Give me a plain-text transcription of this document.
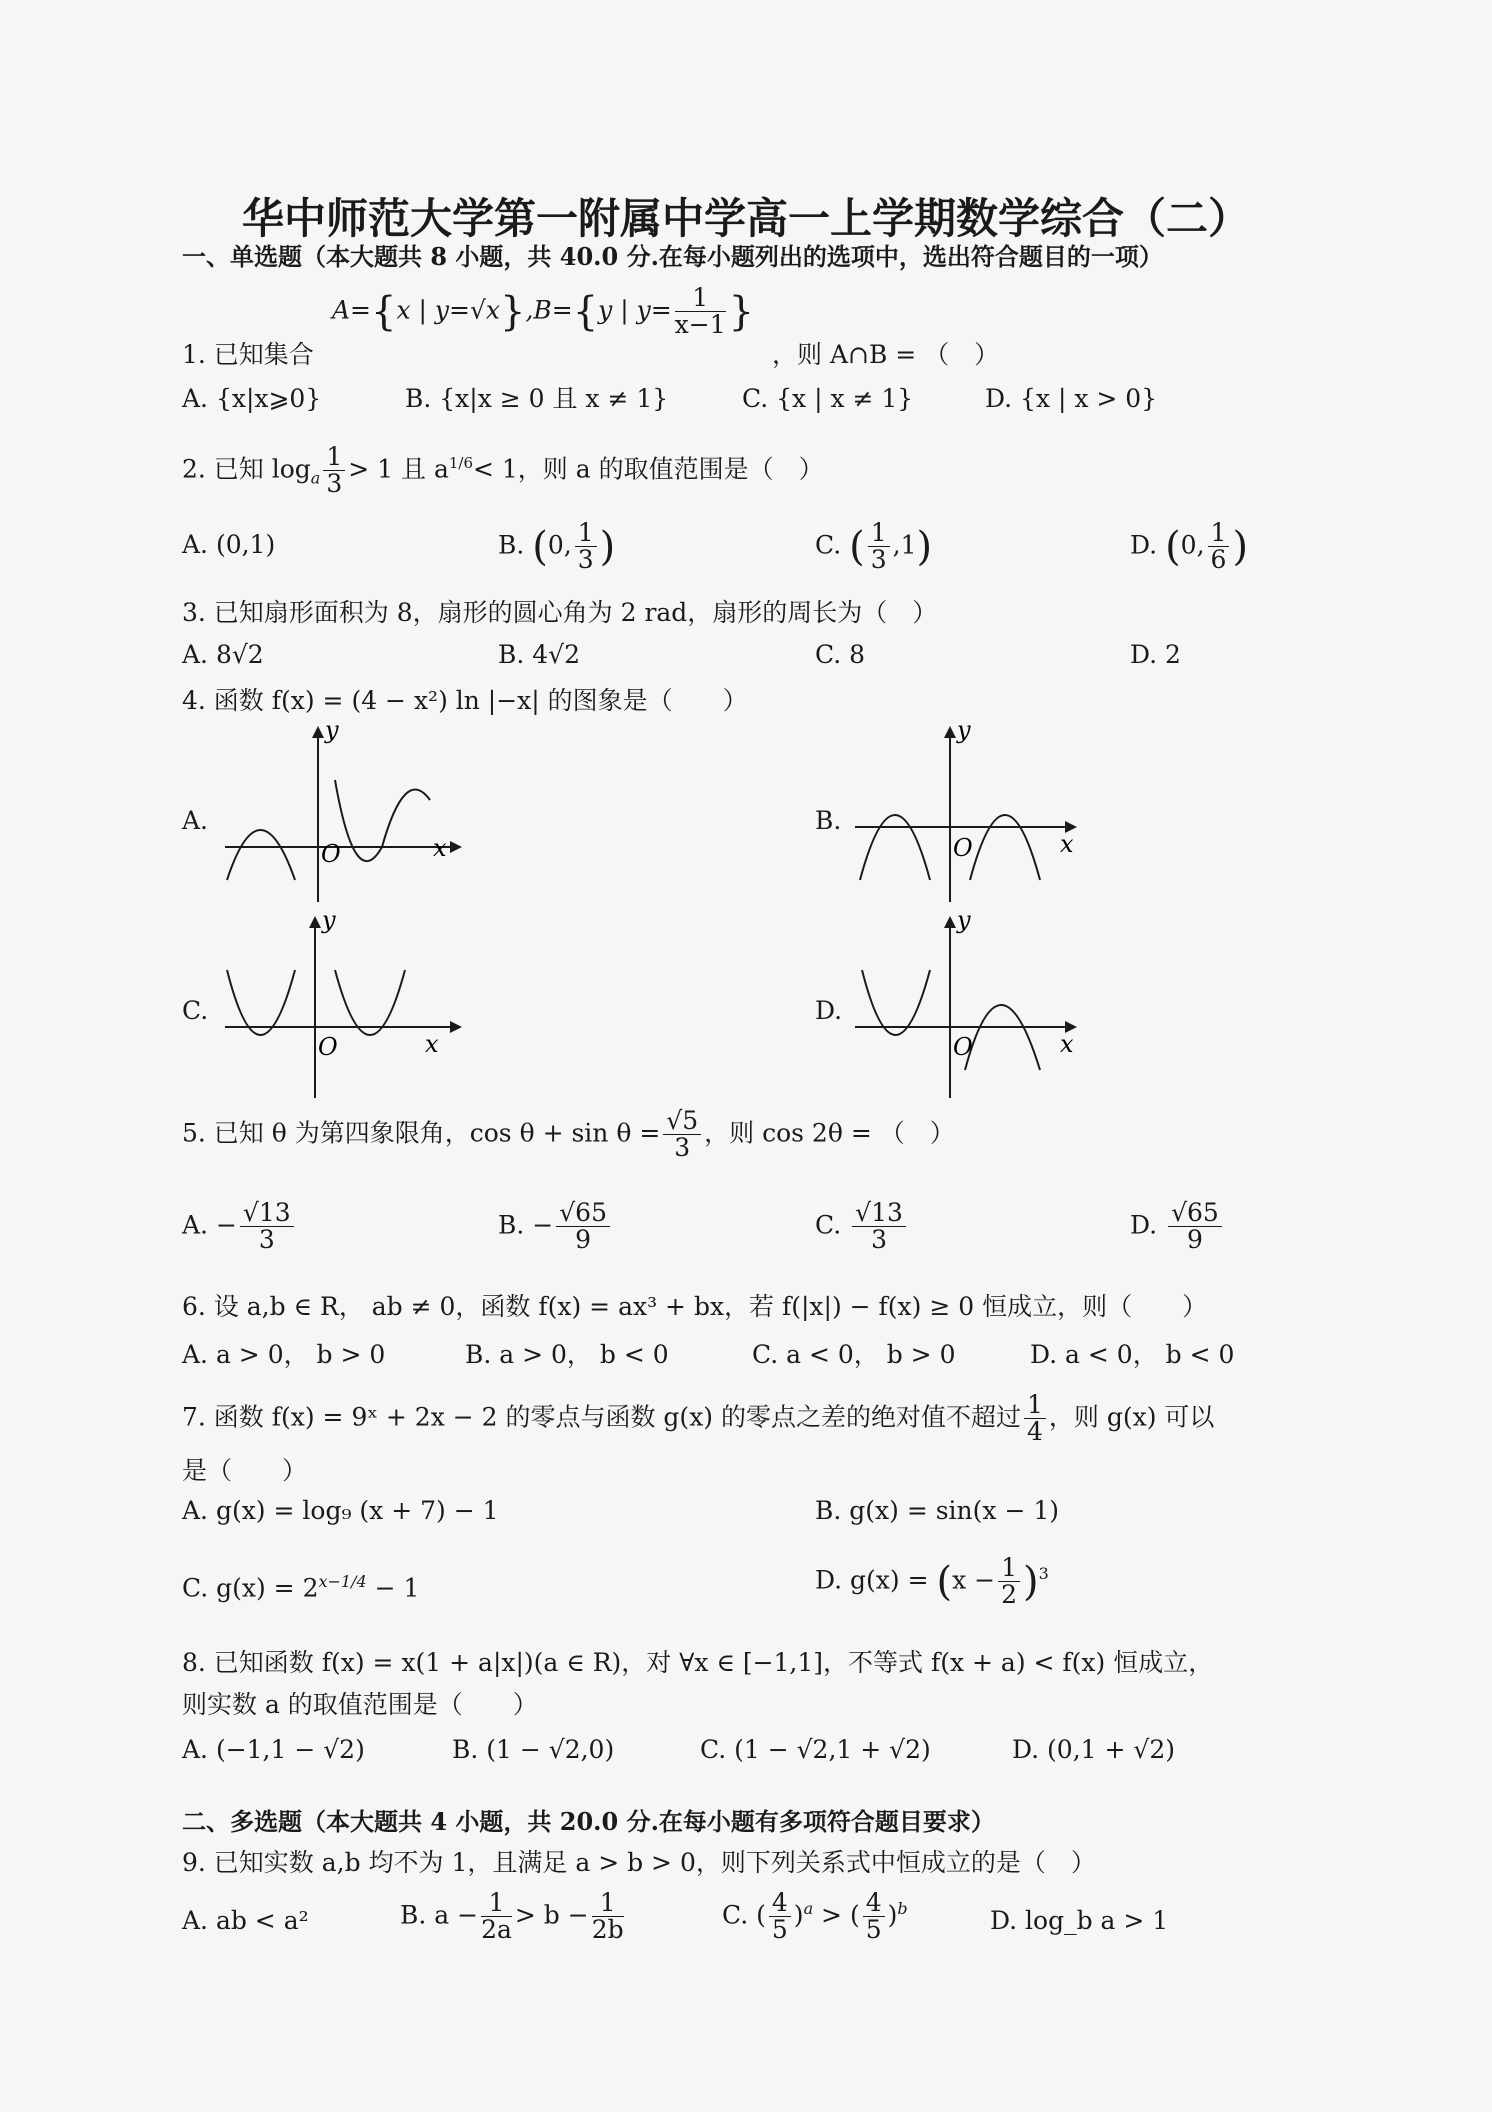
华中师范大学第一附属中学高一上学期数学综合（二）
一、单选题（本大题共 8 小题，共 40.0 分.在每小题列出的选项中，选出符合题目的一项）
A={x | y=√x},B={y | $y= \frac{1}{x-1}$ }
1. 已知集合	，则 A∩B = （　）
A. {x|x⩾0}	B. {x|x ≥ 0 且 x ≠ 1}	C. {x | x ≠ 1}	D. {x | x > 0}
2. 已知 $\log_a \frac{1}{3} > 1$ 且 $a^{1/6}< 1$，则 a 的取值范围是（　）
A. (0,1)	B. (0, $\frac{1}{3}$ )	C. ( $\frac{1}{3} ,1$)	D. (0, $\frac{1}{6}$ )
3. 已知扇形面积为 8，扇形的圆心角为 2 rad，扇形的周长为（　）
A. 8√2	B. 4√2	C. 8	D. 2
4. 函数 f(x) = (4 − x²) ln |−x| 的图象是（　　）
A.	B.
C.	D.
y
x
O
y
x
O
y
x
O
y
x
O
5. 已知 θ 为第四象限角，$\cos \theta + \sin \theta = \frac{√5}{3}$ ，则 cos 2θ = （　）
A. − $\frac{√13}{3}$	B. − $\frac{√65}{9}$	C. $\frac{√13}{3}$	D. $\frac{√65}{9}$
6. 设 a,b ∈ R， ab ≠ 0，函数 f(x) = ax³ + bx，若 f(|x|) − f(x) ≥ 0 恒成立，则（　　）
A. a > 0， b > 0	B. a > 0， b < 0	C. a < 0， b > 0	D. a < 0， b < 0
7. 函数 f(x) = 9ˣ + 2x − 2 的零点与函数 g(x) 的零点之差的绝对值不超过 $\frac{1}{4}$ ，则 g(x) 可以
是（　　）
A. g(x) = log₉ (x + 7) − 1	B. g(x) = sin(x − 1)
C. $g(x) = 2^{x-1/4} - 1$	D. $g(x) = (x - \frac{1}{2} )^3$
8. 已知函数 f(x) = x(1 + a|x|)(a ∈ R)，对 ∀x ∈ [−1,1]，不等式 f(x + a) < f(x) 恒成立，
则实数 a 的取值范围是（　　）
A. (−1,1 − √2)	B. (1 − √2,0)	C. (1 − √2,1 + √2)	D. (0,1 + √2)
二、多选题（本大题共 4 小题，共 20.0 分.在每小题有多项符合题目要求）
9. 已知实数 a,b 均不为 1，且满足 a > b > 0，则下列关系式中恒成立的是（　）
A. ab < a²	B. $a - \frac{1}{2a} > b - \frac{1}{2b}$	C. ( $\frac{4}{5} )^a$ > ( $\frac{4}{5} )^b$	D. log_b a > 1
